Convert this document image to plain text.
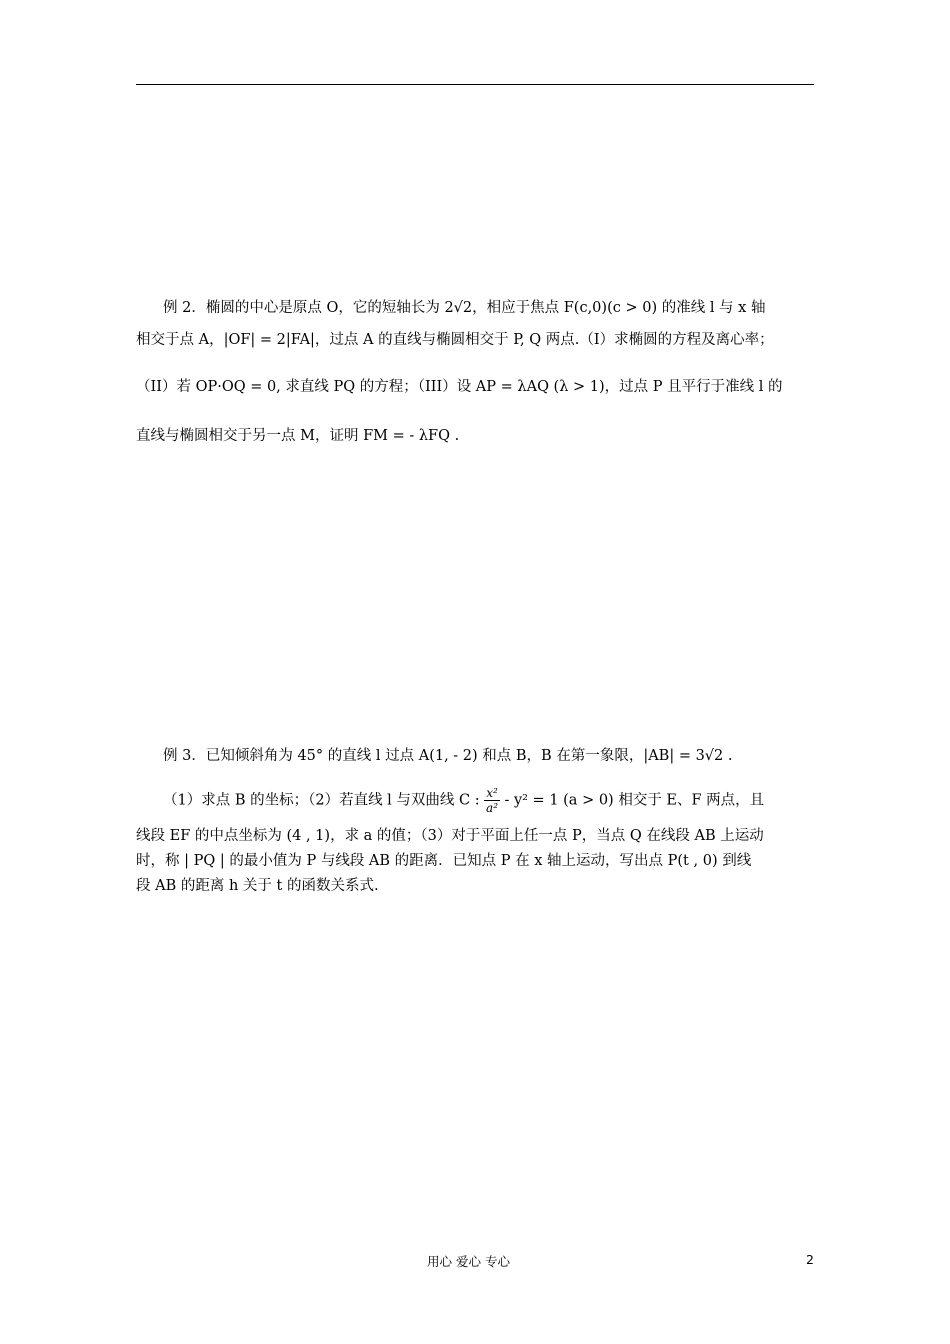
例 2．椭圆的中心是原点 O，它的短轴长为 2√2，相应于焦点 F(c,0)(c > 0) 的准线 l 与 x 轴
相交于点 A，|OF| = 2|FA|，过点 A 的直线与椭圆相交于 P, Q 两点.（I）求椭圆的方程及离心率；
（II）若 OP·OQ = 0, 求直线 PQ 的方程；（III）设 AP = λAQ (λ > 1)，过点 P 且平行于准线 l 的
直线与椭圆相交于另一点 M，证明 FM = - λFQ .
例 3．已知倾斜角为 45° 的直线 l 过点 A(1, - 2) 和点 B，B 在第一象限，|AB| = 3√2 .
（1）求点 B 的坐标；（2）若直线 l 与双曲线 C : $\frac{\text{x²}}{\text{a²}} - y^2 = 1$ (a > 0) 相交于 E、F 两点，且
线段 EF 的中点坐标为 (4 , 1)，求 a 的值；（3）对于平面上任一点 P，当点 Q 在线段 AB 上运动
时，称 | PQ | 的最小值为 P 与线段 AB 的距离．已知点 P 在 x 轴上运动，写出点 P(t , 0) 到线
段 AB 的距离 h 关于 t 的函数关系式.
用心 爱心 专心	2
